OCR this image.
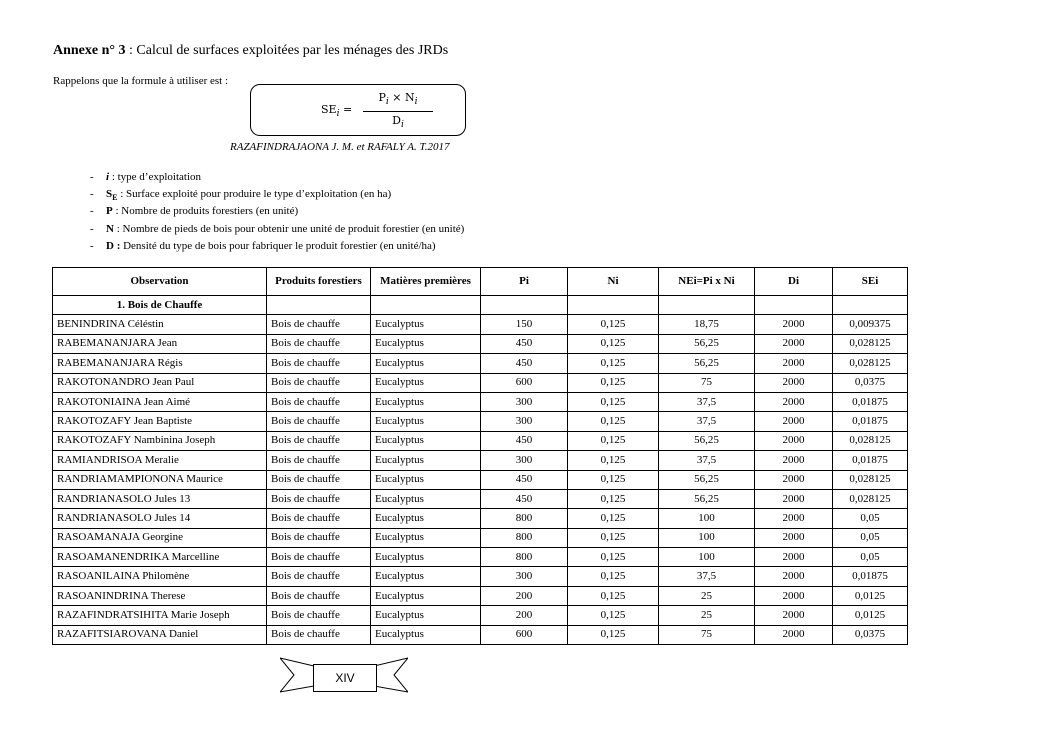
Annexe n° 3 : Calcul de surfaces exploitées par les ménages des JRDs
Rappelons que la formule à utiliser est :
$SE_i$ =
$P_i \times N_i$
$D_i$
RAZAFINDRAJAONA J. M. et RAFALY A. T.2017
- i : type d’exploitation
- $S_E$ : Surface exploité pour produire le type d’exploitation (en ha)
- P : Nombre de produits forestiers (en unité)
- N : Nombre de pieds de bois pour obtenir une unité de produit forestier (en unité)
- D : Densité du type de bois pour fabriquer le produit forestier (en unité/ha)
Observation	Produits forestiers	Matières premières	Pi	Ni	NEi=Pi x Ni	Di	SEi
1. Bois de Chauffe							
BENINDRINA Céléstin	Bois de chauffe	Eucalyptus	150	0,125	18,75	2000	0,009375
RABEMANANJARA Jean	Bois de chauffe	Eucalyptus	450	0,125	56,25	2000	0,028125
RABEMANANJARA Régis	Bois de chauffe	Eucalyptus	450	0,125	56,25	2000	0,028125
RAKOTONANDRO Jean Paul	Bois de chauffe	Eucalyptus	600	0,125	75	2000	0,0375
RAKOTONIAINA Jean Aimé	Bois de chauffe	Eucalyptus	300	0,125	37,5	2000	0,01875
RAKOTOZAFY Jean Baptiste	Bois de chauffe	Eucalyptus	300	0,125	37,5	2000	0,01875
RAKOTOZAFY Nambinina Joseph	Bois de chauffe	Eucalyptus	450	0,125	56,25	2000	0,028125
RAMIANDRISOA Meralie	Bois de chauffe	Eucalyptus	300	0,125	37,5	2000	0,01875
RANDRIAMAMPIONONA Maurice	Bois de chauffe	Eucalyptus	450	0,125	56,25	2000	0,028125
RANDRIANASOLO Jules 13	Bois de chauffe	Eucalyptus	450	0,125	56,25	2000	0,028125
RANDRIANASOLO Jules 14	Bois de chauffe	Eucalyptus	800	0,125	100	2000	0,05
RASOAMANAJA Georgine	Bois de chauffe	Eucalyptus	800	0,125	100	2000	0,05
RASOAMANENDRIKA Marcelline	Bois de chauffe	Eucalyptus	800	0,125	100	2000	0,05
RASOANILAINA Philomène	Bois de chauffe	Eucalyptus	300	0,125	37,5	2000	0,01875
RASOANINDRINA Therese	Bois de chauffe	Eucalyptus	200	0,125	25	2000	0,0125
RAZAFINDRATSIHITA Marie Joseph	Bois de chauffe	Eucalyptus	200	0,125	25	2000	0,0125
RAZAFITSIAROVANA Daniel	Bois de chauffe	Eucalyptus	600	0,125	75	2000	0,0375
XIV
